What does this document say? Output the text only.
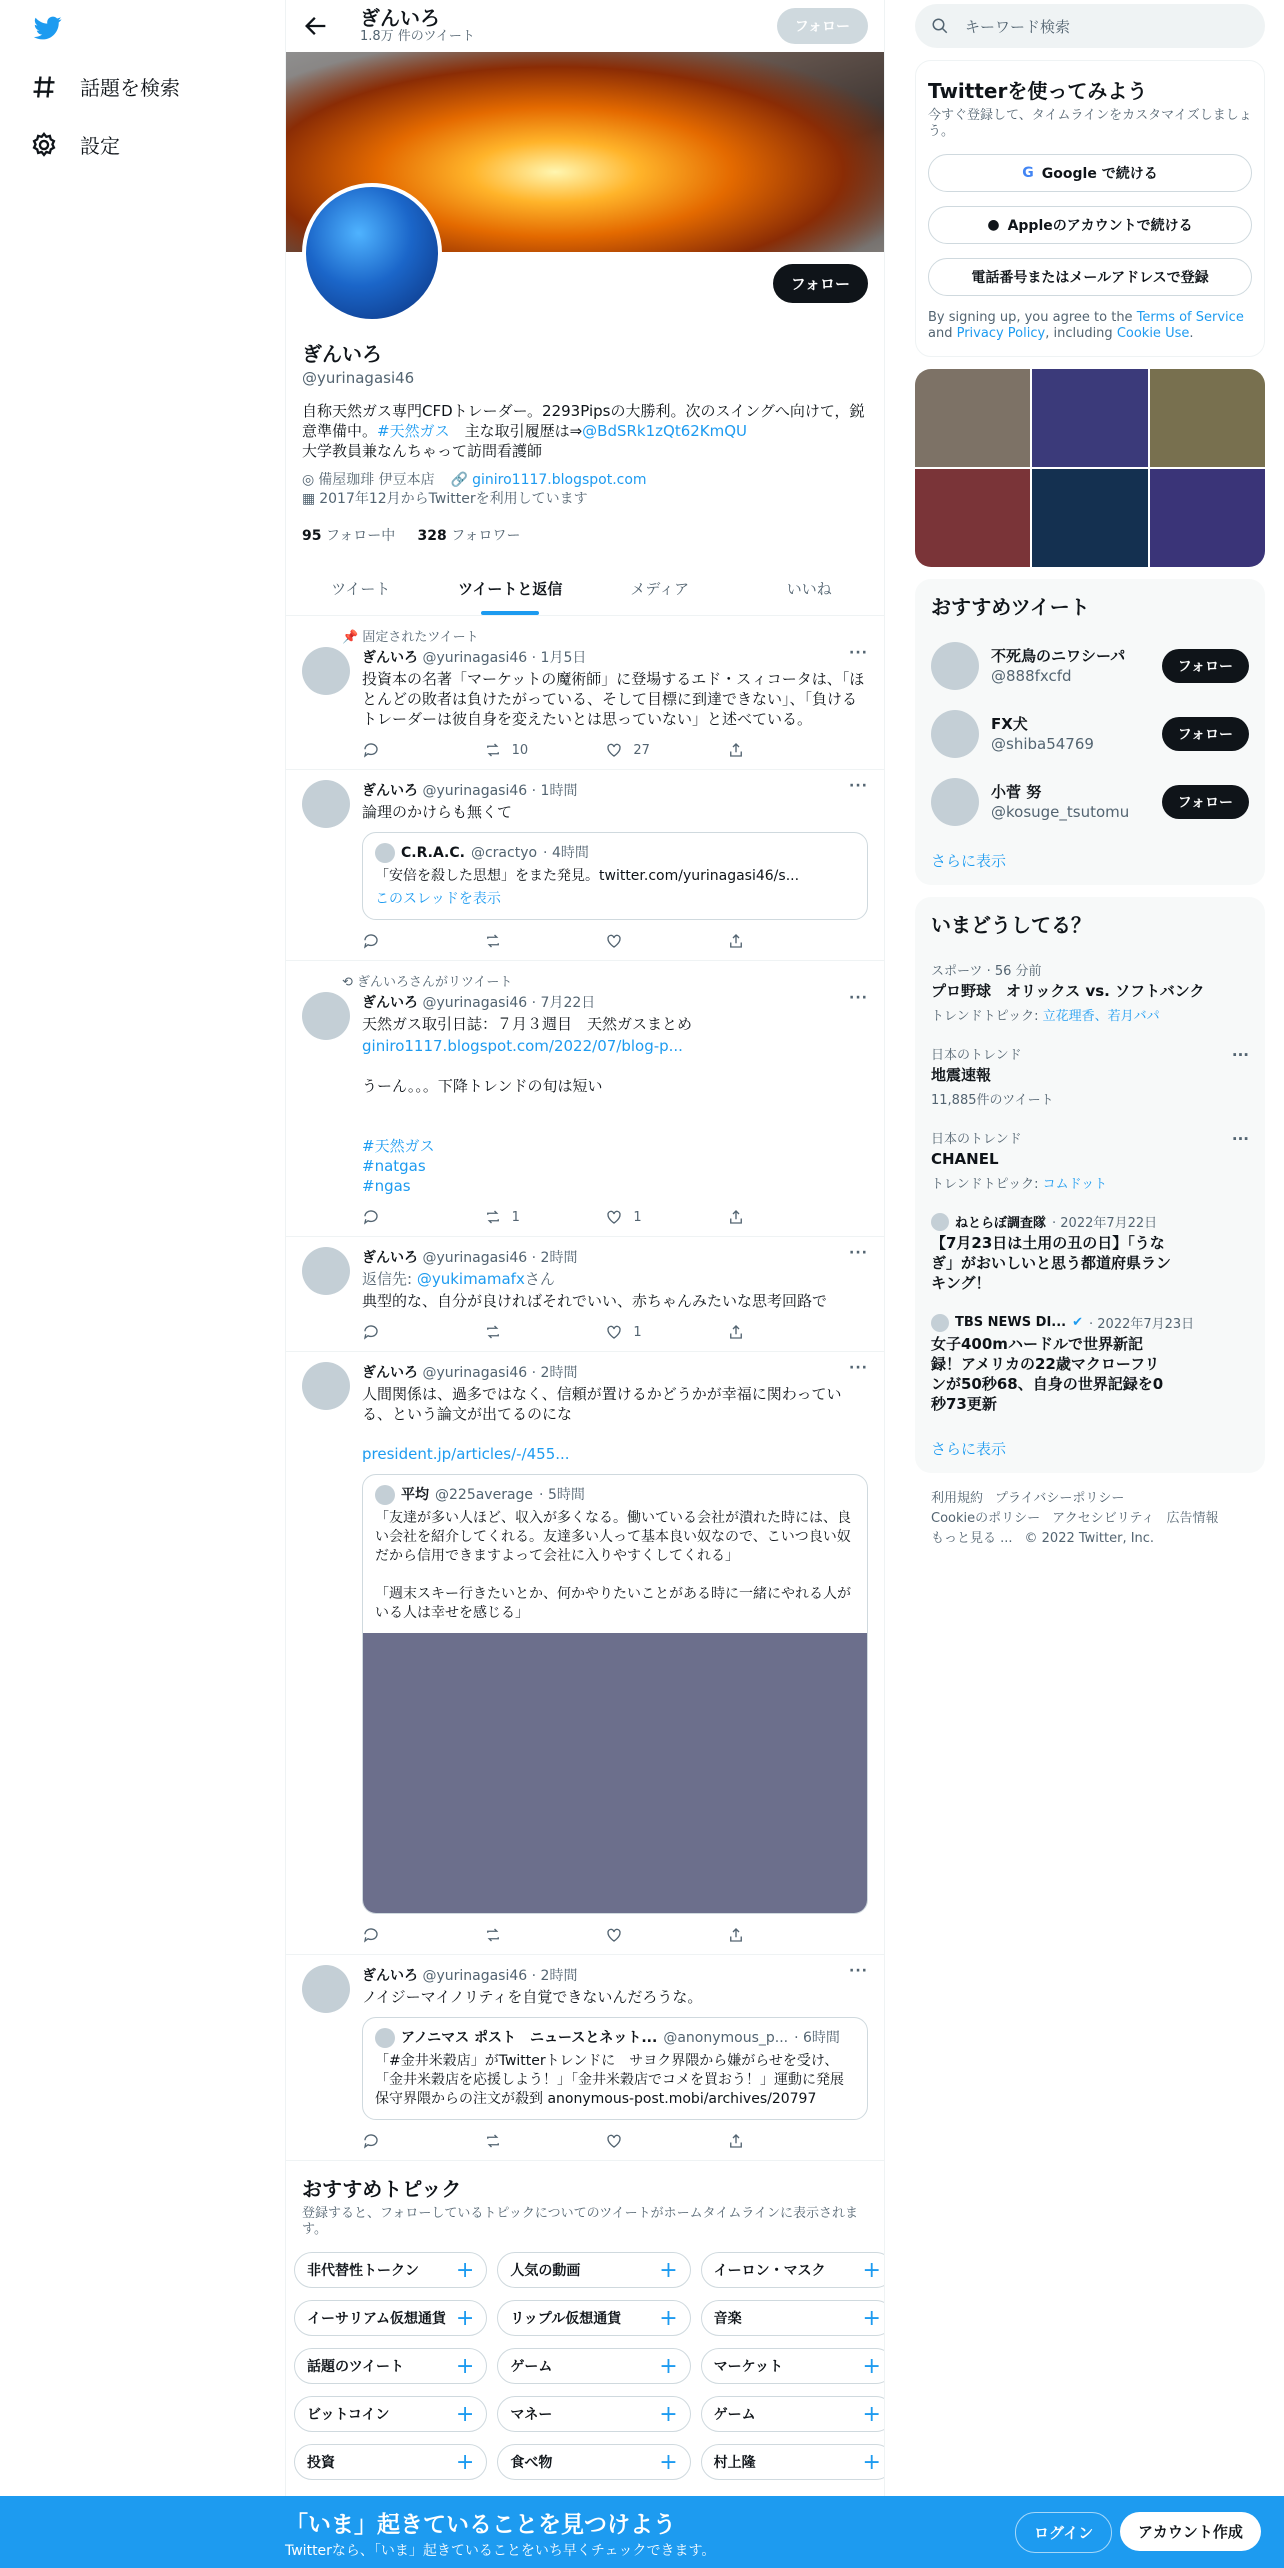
話題を検索
設定
ぎんいろ
1.8万 件のツイート
フォロー
フォロー
ぎんいろ
@yurinagasi46
自称天然ガス専門CFDトレーダー。2293Pipsの大勝利。次のスイングへ向けて，鋭意準備中。#天然ガス　主な取引履歴は⇒@BdSRk1zQt62KmQU
大学教員兼なんちゃって訪問看護師
◎ 備屋珈琲 伊豆本店 🔗 giniro1117.blogspot.com
▦ 2017年12月からTwitterを利用しています
95 フォロー中 328 フォロワー
ツイート	ツイートと返信	メディア	いいね
📌 固定されたツイート
ぎんいろ @yurinagasi46 · 1月5日	···
投資本の名著「マーケットの魔術師」に登場するエド・スィコータは、「ほとんどの敗者は負けたがっている、そして目標に到達できない」、「負けるトレーダーは彼自身を変えたいとは思っていない」と述べている。
10	27
ぎんいろ @yurinagasi46 · 1時間	···
論理のかけらも無くて
C.R.A.C. @cractyo · 4時間
「安倍を殺した思想」をまた発見。twitter.com/yurinagasi46/s...
このスレッドを表示
⟲ ぎんいろさんがリツイート
ぎんいろ @yurinagasi46 · 7月22日	···
天然ガス取引日誌：７月３週目　天然ガスまとめ
giniro1117.blogspot.com/2022/07/blog-p...
うーん。。。下降トレンドの旬は短い

#天然ガス
#natgas
#ngas

1	1
ぎんいろ @yurinagasi46 · 2時間	···
返信先: @yukimamafxさん
典型的な、自分が良ければそれでいい、赤ちゃんみたいな思考回路で
1
ぎんいろ @yurinagasi46 · 2時間	···
人間関係は、過多ではなく、信頼が置けるかどうかが幸福に関わっている、という論文が出てるのにな
president.jp/articles/-/455...
平均 @225average · 5時間
「友達が多い人ほど、収入が多くなる。働いている会社が潰れた時には、良い会社を紹介してくれる。友達多い人って基本良い奴なので、こいつ良い奴だから信用できますよって会社に入りやすくしてくれる」

「週末スキー行きたいとか、何かやりたいことがある時に一緒にやれる人がいる人は幸せを感じる」
ぎんいろ @yurinagasi46 · 2時間	···
ノイジーマイノリティを自覚できないんだろうな。
アノニマス ポスト　ニュースとネット... @anonymous_p... · 6時間
「#金井米穀店」がTwitterトレンドに　サヨク界隈から嫌がらせを受け、「金井米穀店を応援しよう！」「金井米穀店でコメを買おう！」運動に発展　保守界隈からの注文が殺到 anonymous-post.mobi/archives/20797
おすすめトピック
登録すると、フォローしているトピックについてのツイートがホームタイムラインに表示されます。
非代替性トークン +	人気の動画	+	イーロン・マスク +
イーサリアム仮想通貨 +	リップル仮想通貨 +	音楽	+
話題のツイート +	ゲーム	+	マーケット	+
ビットコイン	+	マネー	+	ゲーム	+
投資	+	食べ物	+	村上隆	+
キーワード検索
Twitterを使ってみよう
今すぐ登録して、タイムラインをカスタマイズしましょう。
G Google で続ける
● Appleのアカウントで続ける
電話番号またはメールアドレスで登録
By signing up, you agree to the Terms of Service and Privacy Policy, including Cookie Use.
おすすめツイート
不死鳥のニワシーパ
@888fxcfd	フォロー
FX犬
@shiba54769	フォロー
小菅 努
@kosuge_tsutomu	フォロー
さらに表示
いまどうしてる？
スポーツ · 56 分前
プロ野球　オリックス vs. ソフトバンク
トレンドトピック: 立花理香、若月バパ
···
日本のトレンド
地震速報
11,885件のツイート
···
日本のトレンド
CHANEL
トレンドトピック: コムドット
ねとらぼ調査隊 · 2022年7月22日
【7月23日は土用の丑の日】「うなぎ」がおいしいと思う都道府県ランキング！
TBS NEWS DI... ✔ · 2022年7月23日
女子400mハードルで世界新記録！アメリカの22歳マクローフリンが50秒68、自身の世界記録を0秒73更新
さらに表示
利用規約 プライバシーポリシー
Cookieのポリシー アクセシビリティ 広告情報
もっと見る ... © 2022 Twitter, Inc.
「いま」起きていることを見つけよう
Twitterなら、「いま」起きていることをいち早くチェックできます。
ログイン	アカウント作成
